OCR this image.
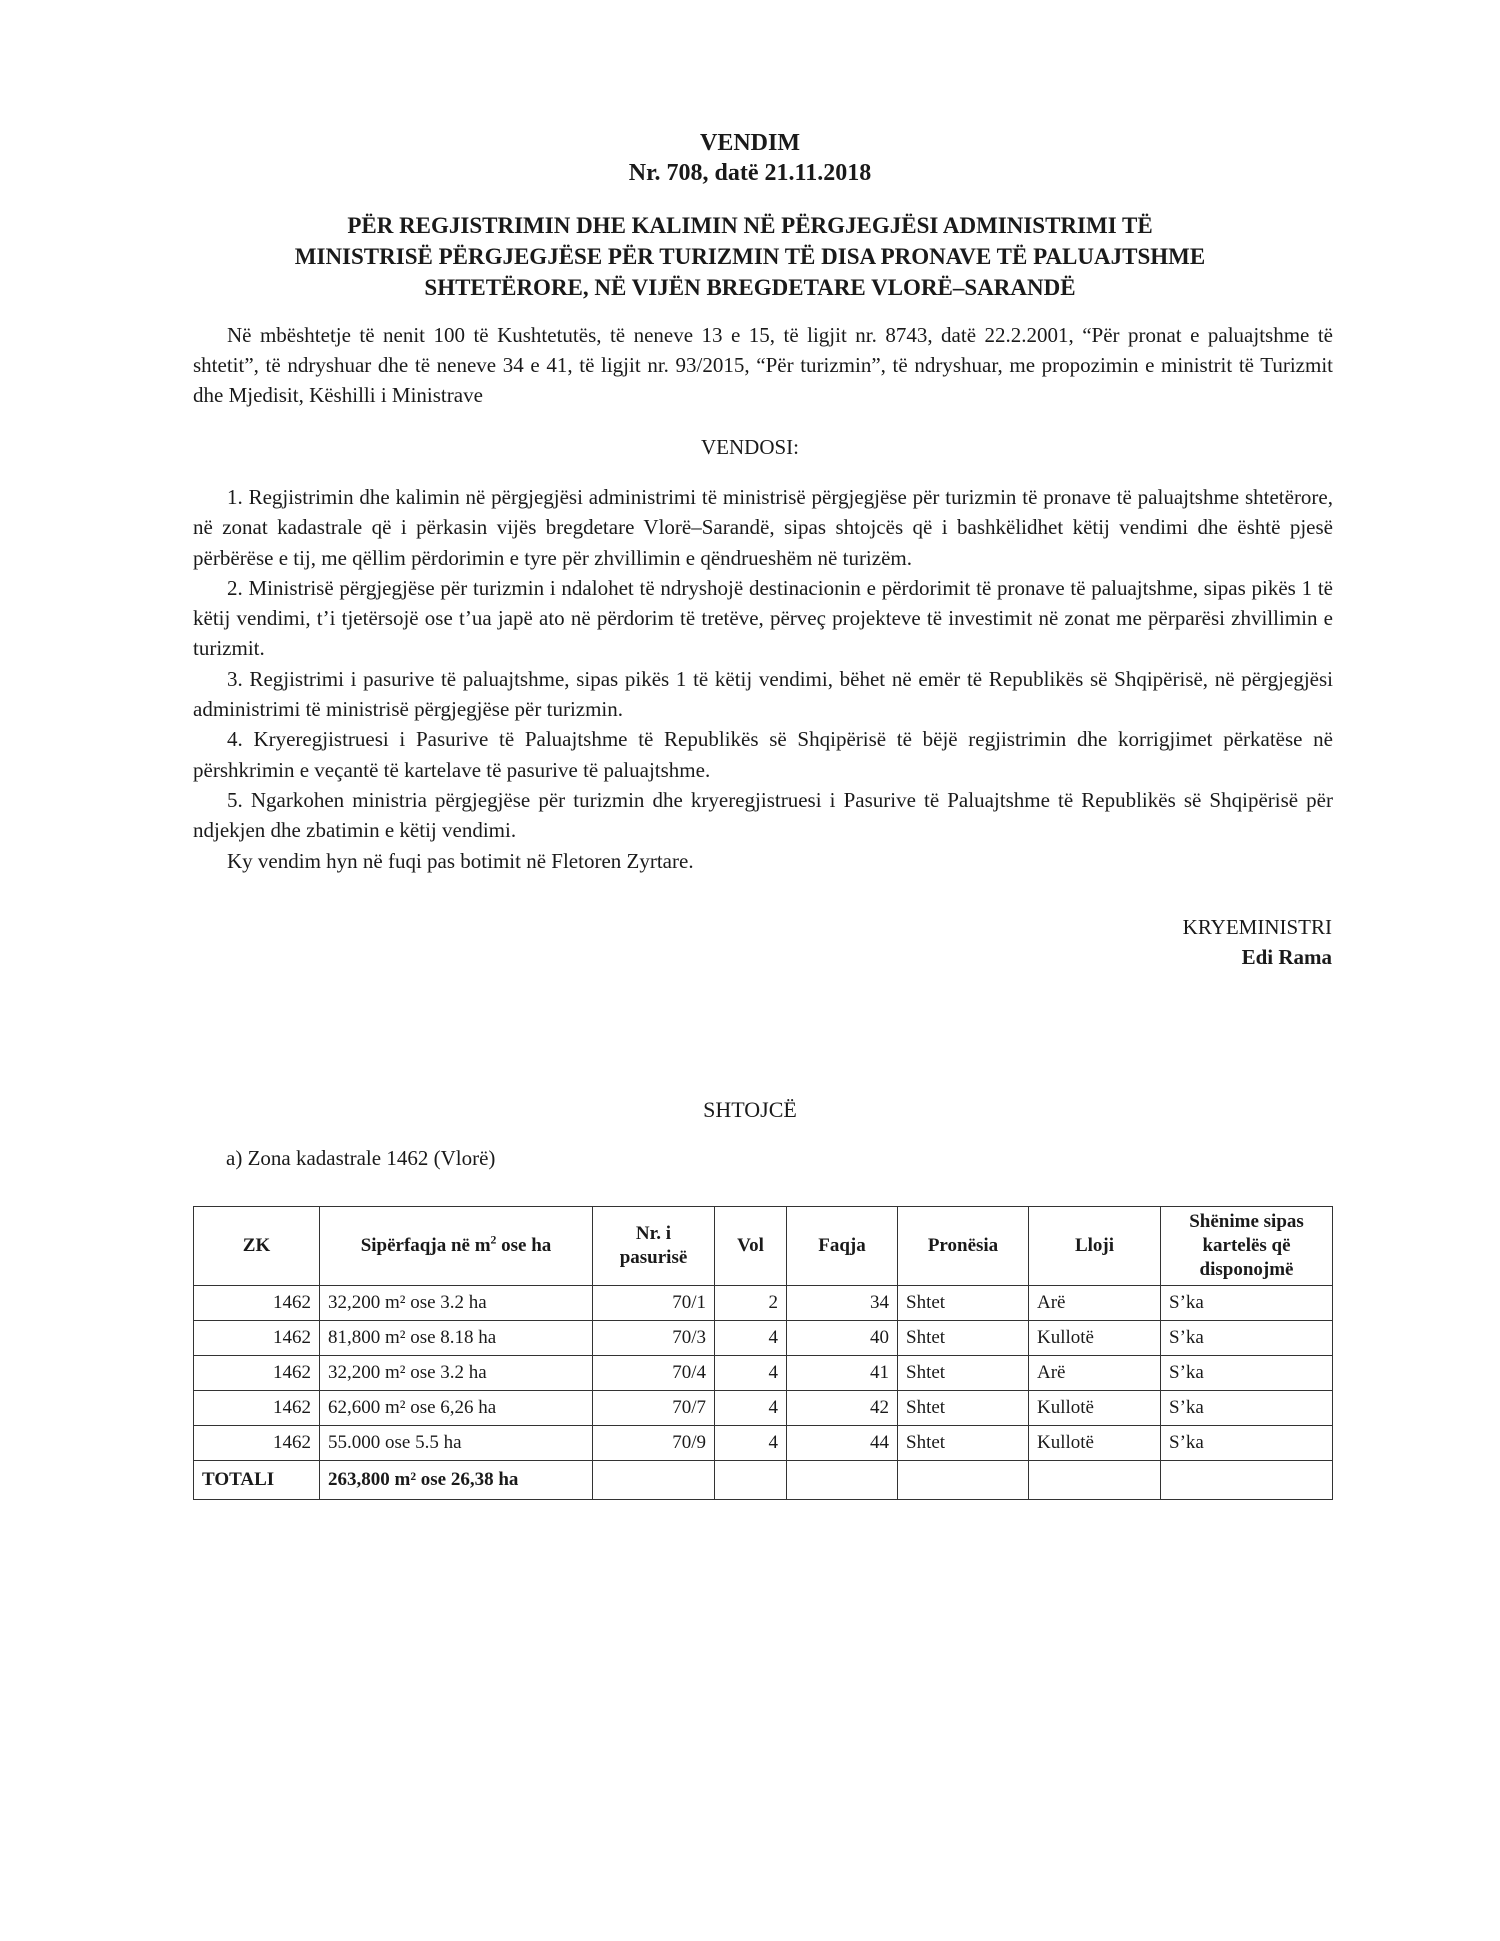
VENDIM
Nr. 708, datë 21.11.2018
PËR REGJISTRIMIN DHE KALIMIN NË PËRGJEGJËSI ADMINISTRIMI TË
MINISTRISË PËRGJEGJËSE PËR TURIZMIN TË DISA PRONAVE TË PALUAJTSHME
SHTETËRORE, NË VIJËN BREGDETARE VLORË–SARANDË

Në mbështetje të nenit 100 të Kushtetutës, të neneve 13 e 15, të ligjit nr. 8743, datë 22.2.2001, “Për pronat e paluajtshme të shtetit”, të ndryshuar dhe të neneve 34 e 41, të ligjit nr. 93/2015, “Për turizmin”, të ndryshuar, me propozimin e ministrit të Turizmit dhe Mjedisit, Këshilli i Ministrave

VENDOSI:

1. Regjistrimin dhe kalimin në përgjegjësi administrimi të ministrisë përgjegjëse për turizmin të pronave të paluajtshme shtetërore, në zonat kadastrale që i përkasin vijës bregdetare Vlorë–Sarandë, sipas shtojcës që i bashkëlidhet këtij vendimi dhe është pjesë përbërëse e tij, me qëllim përdorimin e tyre për zhvillimin e qëndrueshëm në turizëm.

2. Ministrisë përgjegjëse për turizmin i ndalohet të ndryshojë destinacionin e përdorimit të pronave të paluajtshme, sipas pikës 1 të këtij vendimi, t’i tjetërsojë ose t’ua japë ato në përdorim të tretëve, përveç projekteve të investimit në zonat me përparësi zhvillimin e turizmit.

3. Regjistrimi i pasurive të paluajtshme, sipas pikës 1 të këtij vendimi, bëhet në emër të Republikës së Shqipërisë, në përgjegjësi administrimi të ministrisë përgjegjëse për turizmin.

4. Kryeregjistruesi i Pasurive të Paluajtshme të Republikës së Shqipërisë të bëjë regjistrimin dhe korrigjimet përkatëse në përshkrimin e veçantë të kartelave të pasurive të paluajtshme.

5. Ngarkohen ministria përgjegjëse për turizmin dhe kryeregjistruesi i Pasurive të Paluajtshme të Republikës së Shqipërisë për ndjekjen dhe zbatimin e këtij vendimi.

Ky vendim hyn në fuqi pas botimit në Fletoren Zyrtare.

KRYEMINISTRI
Edi Rama
SHTOJCË
a) Zona kadastrale 1462 (Vlorë)
ZK	Sipërfaqja në $m^2$ ose ha	Nr. i pasurisë	Vol	Faqja	Pronësia	Lloji	Shënime sipas kartelës që disponojmë
1462	32,200 m² ose 3.2 ha	70/1	2	34	Shtet	Arë	S’ka
1462	81,800 m² ose 8.18 ha	70/3	4	40	Shtet	Kullotë	S’ka
1462	32,200 m² ose 3.2 ha	70/4	4	41	Shtet	Arë	S’ka
1462	62,600 m² ose 6,26 ha	70/7	4	42	Shtet	Kullotë	S’ka
1462	55.000 ose 5.5 ha	70/9	4	44	Shtet	Kullotë	S’ka
TOTALI	263,800 m² ose 26,38 ha						
